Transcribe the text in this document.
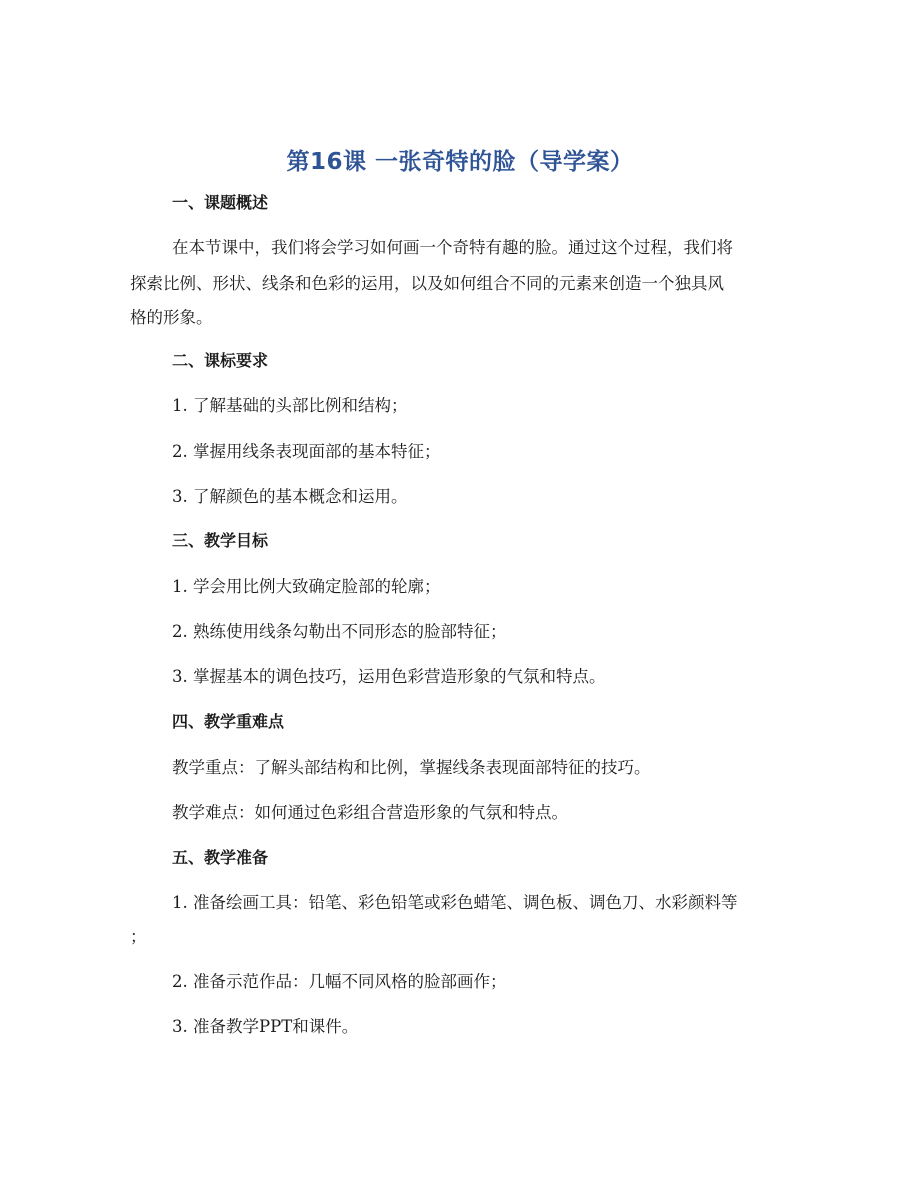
第16课 一张奇特的脸（导学案）
一、课题概述
在本节课中，我们将会学习如何画一个奇特有趣的脸。通过这个过程，我们将
探索比例、形状、线条和色彩的运用，以及如何组合不同的元素来创造一个独具风
格的形象。
二、课标要求
1. 了解基础的头部比例和结构；
2. 掌握用线条表现面部的基本特征；
3. 了解颜色的基本概念和运用。
三、教学目标
1. 学会用比例大致确定脸部的轮廓；
2. 熟练使用线条勾勒出不同形态的脸部特征；
3. 掌握基本的调色技巧，运用色彩营造形象的气氛和特点。
四、教学重难点
教学重点：了解头部结构和比例，掌握线条表现面部特征的技巧。
教学难点：如何通过色彩组合营造形象的气氛和特点。
五、教学准备
1. 准备绘画工具：铅笔、彩色铅笔或彩色蜡笔、调色板、调色刀、水彩颜料等
；
2. 准备示范作品：几幅不同风格的脸部画作；
3. 准备教学PPT和课件。
